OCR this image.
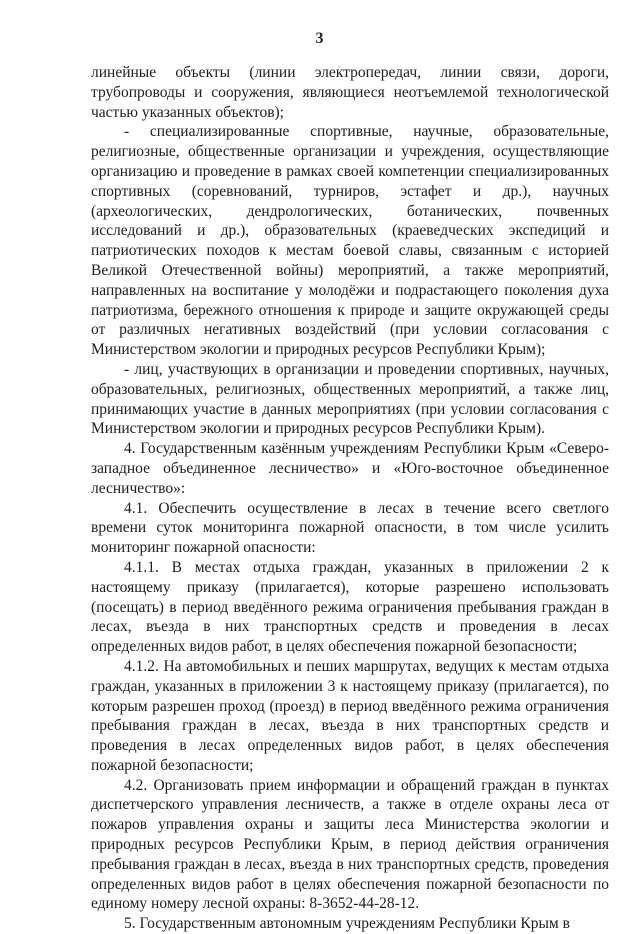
3

линейные объекты (линии электропередач, линии связи, дороги, трубопроводы и сооружения, являющиеся неотъемлемой технологической частью указанных объектов);

- специализированные спортивные, научные, образовательные, религиозные, общественные организации и учреждения, осуществляющие организацию и проведение в рамках своей компетенции специализированных спортивных (соревнований, турниров, эстафет и др.), научных (археологических, дендрологических, ботанических, почвенных исследований и др.), образовательных (краеведческих экспедиций и патриотических походов к местам боевой славы, связанным с историей Великой Отечественной войны) мероприятий, а также мероприятий, направленных на воспитание у молодёжи и подрастающего поколения духа патриотизма, бережного отношения к природе и защите окружающей среды от различных негативных воздействий (при условии согласования с Министерством экологии и природных ресурсов Республики Крым);

- лиц, участвующих в организации и проведении спортивных, научных, образовательных, религиозных, общественных мероприятий, а также лиц, принимающих участие в данных мероприятиях (при условии согласования с Министерством экологии и природных ресурсов Республики Крым).

4. Государственным казённым учреждениям Республики Крым «Северо-западное объединенное лесничество» и «Юго-восточное объединенное лесничество»:

4.1. Обеспечить осуществление в лесах в течение всего светлого времени суток мониторинга пожарной опасности, в том числе усилить мониторинг пожарной опасности:

4.1.1. В местах отдыха граждан, указанных в приложении 2 к настоящему приказу (прилагается), которые разрешено использовать (посещать) в период введённого режима ограничения пребывания граждан в лесах, въезда в них транспортных средств и проведения в лесах определенных видов работ, в целях обеспечения пожарной безопасности;

4.1.2. На автомобильных и пеших маршрутах, ведущих к местам отдыха граждан, указанных в приложении 3 к настоящему приказу (прилагается), по которым разрешен проход (проезд) в период введённого режима ограничения пребывания граждан в лесах, въезда в них транспортных средств и проведения в лесах определенных видов работ, в целях обеспечения пожарной безопасности;

4.2. Организовать прием информации и обращений граждан в пунктах диспетчерского управления лесничеств, а также в отделе охраны леса от пожаров управления охраны и защиты леса Министерства экологии и природных ресурсов Республики Крым, в период действия ограничения пребывания граждан в лесах, въезда в них транспортных средств, проведения определенных видов работ в целях обеспечения пожарной безопасности по единому номеру лесной охраны: 8-3652-44-28-12.

5. Государственным автономным учреждениям Республики Крым в
